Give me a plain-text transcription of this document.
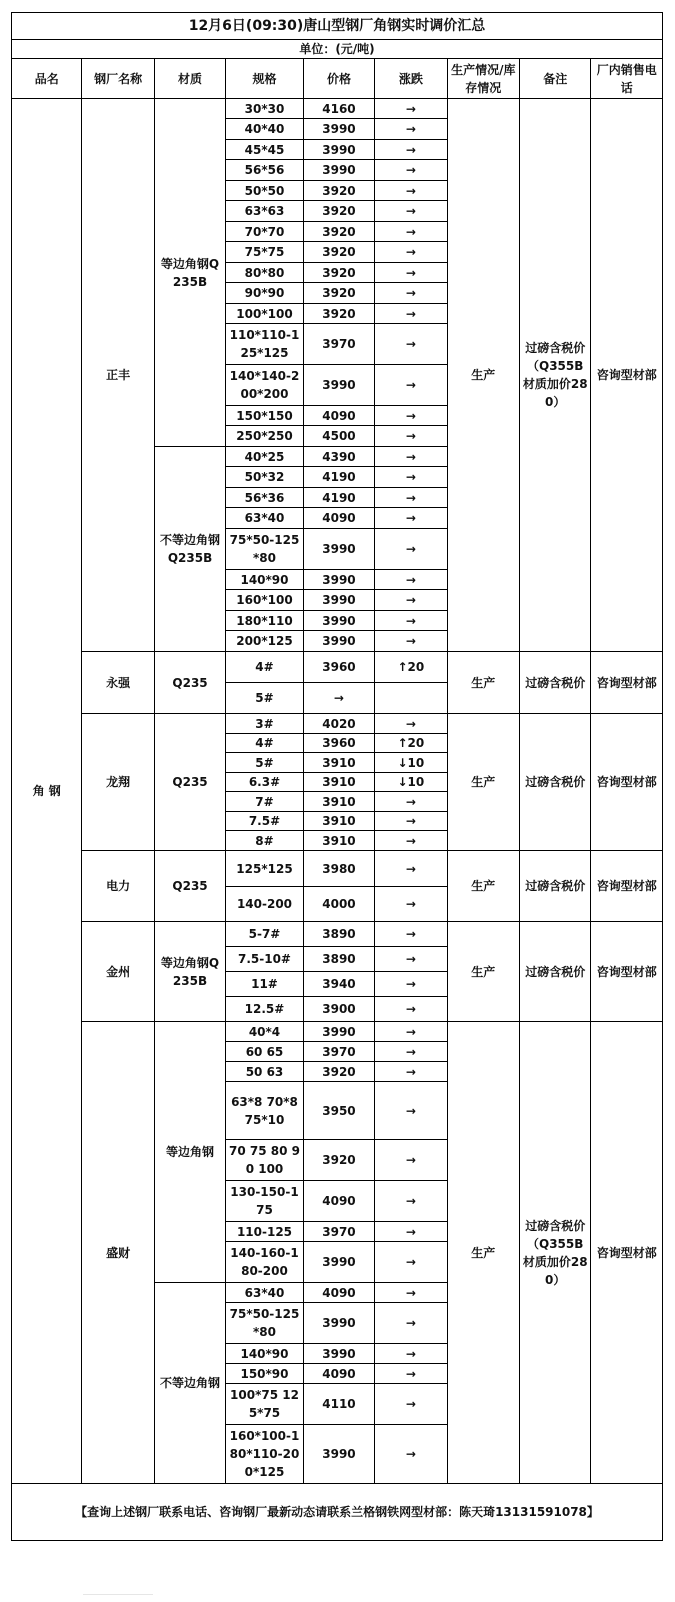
12月6日(09:30)唐山型钢厂角钢实时调价汇总								
单位：(元/吨)								
品名	钢厂名称	材质	规格	价格	涨跌	生产情况/库存情况	备注	厂内销售电话
角 钢	正丰	等边角钢Q235B	30*30	4160	→	生产	过磅含税价（Q355B材质加价280）	咨询型材部
			40*40	3990	→			
			45*45	3990	→			
			56*56	3990	→			
			50*50	3920	→			
			63*63	3920	→			
			70*70	3920	→			
			75*75	3920	→			
			80*80	3920	→			
			90*90	3920	→			
			100*100	3920	→			
			110*110-125*125	3970	→			
			140*140-200*200	3990	→			
			150*150	4090	→			
			250*250	4500	→			
		不等边角钢Q235B	40*25	4390	→			
			50*32	4190	→			
			56*36	4190	→			
			63*40	4090	→			
			75*50-125*80	3990	→			
			140*90	3990	→			
			160*100	3990	→			
			180*110	3990	→			
			200*125	3990	→			
	永强	Q235	4#	3960	↑20	生产	过磅含税价	咨询型材部
			5#	→				
	龙翔	Q235	3#	4020	→	生产	过磅含税价	咨询型材部
			4#	3960	↑20			
			5#	3910	↓10			
			6.3#	3910	↓10			
			7#	3910	→			
			7.5#	3910	→			
			8#	3910	→			
	电力	Q235	125*125	3980	→	生产	过磅含税价	咨询型材部
			140-200	4000	→			
	金州	等边角钢Q235B	5-7#	3890	→	生产	过磅含税价	咨询型材部
			7.5-10#	3890	→			
			11#	3940	→			
			12.5#	3900	→			
	盛财	等边角钢	40*4	3990	→	生产	过磅含税价（Q355B材质加价280）	咨询型材部
			60 65	3970	→			
			50 63	3920	→			
			63*8 70*8 75*10	3950	→			
			70 75 80 90 100	3920	→			
			130-150-175	4090	→			
			110-125	3970	→			
			140-160-180-200	3990	→			
		不等边角钢	63*40	4090	→			
			75*50-125*80	3990	→			
			140*90	3990	→			
			150*90	4090	→			
			100*75 125*75	4110	→			
			160*100-180*110-200*125	3990	→			
【查询上述钢厂联系电话、咨询钢厂最新动态请联系兰格钢铁网型材部：陈天琦13131591078】								
